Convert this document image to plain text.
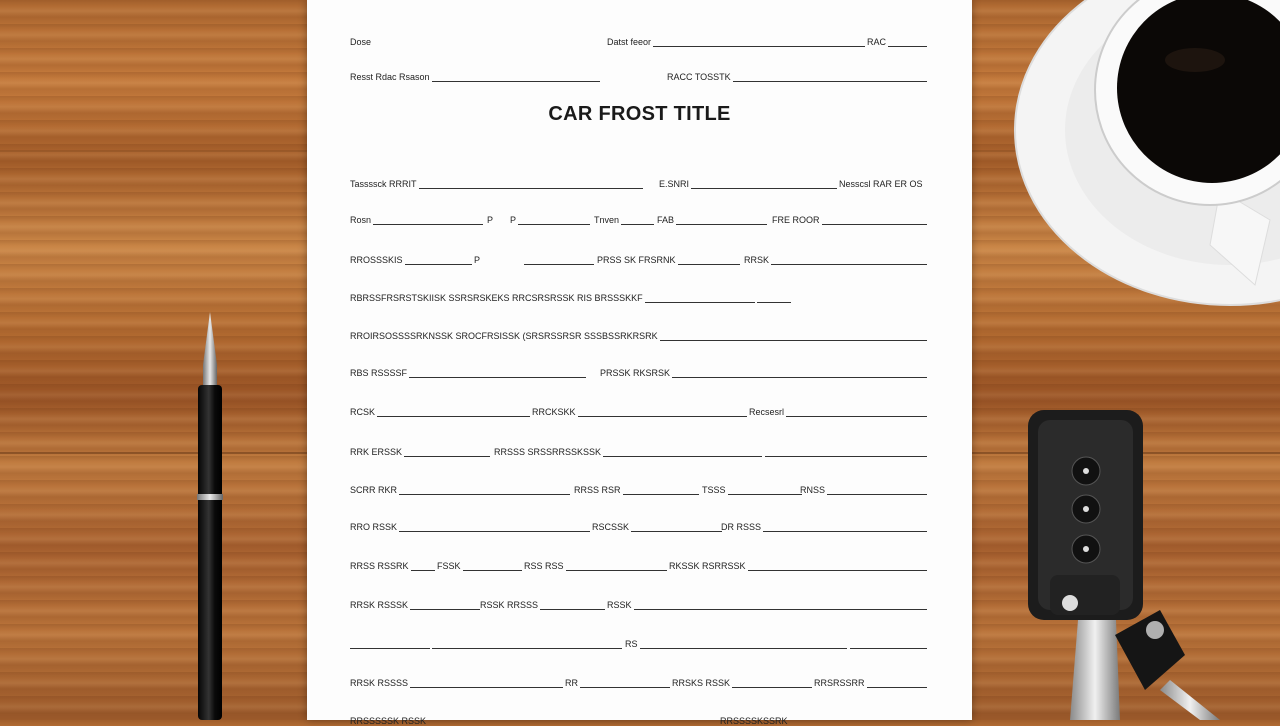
CAR FROST TITLE
Dose	Datst feeor	RAC
Resst Rdac Rsason	RACC TOSSTK
Tassssck RRRIT	E.SNRI	Nesscsl RAR ER OS
Rosn	P P	Tnven	FAB	FRE ROOR
RROSSSKIS	P	PRSS SK FRSRNK	RRSK
RBRSSFRSRSTSKIISK SSRSRSKEKS RRCSRSRSSK RIS BRSSSKKF
RROIRSOSSSSRKNSSK SROCFRSISSK (SRSRSSRSR SSSBSSRKRSRK
RBS RSSSSF	PRSSK RKSRSK
RCSK	RRCKSKK	Recsesrl
RRK ERSSK	RRSSS SRSSRRSSKSSK
SCRR RKR	RRSS RSR	TSSS	RNSS
RRO RSSK	RSCSSK	DR RSSS
RRSS RSSRK	FSSK	RSS RSS	RKSSK RSRRSSK
RRSK RSSSK	RSSK RRSSS	RSSK
RS
RRSK RSSSS	RR	RRSKS RSSK	RRSRSSRR
RRSSSSSK RSSK	RRSSSSKSSRK
